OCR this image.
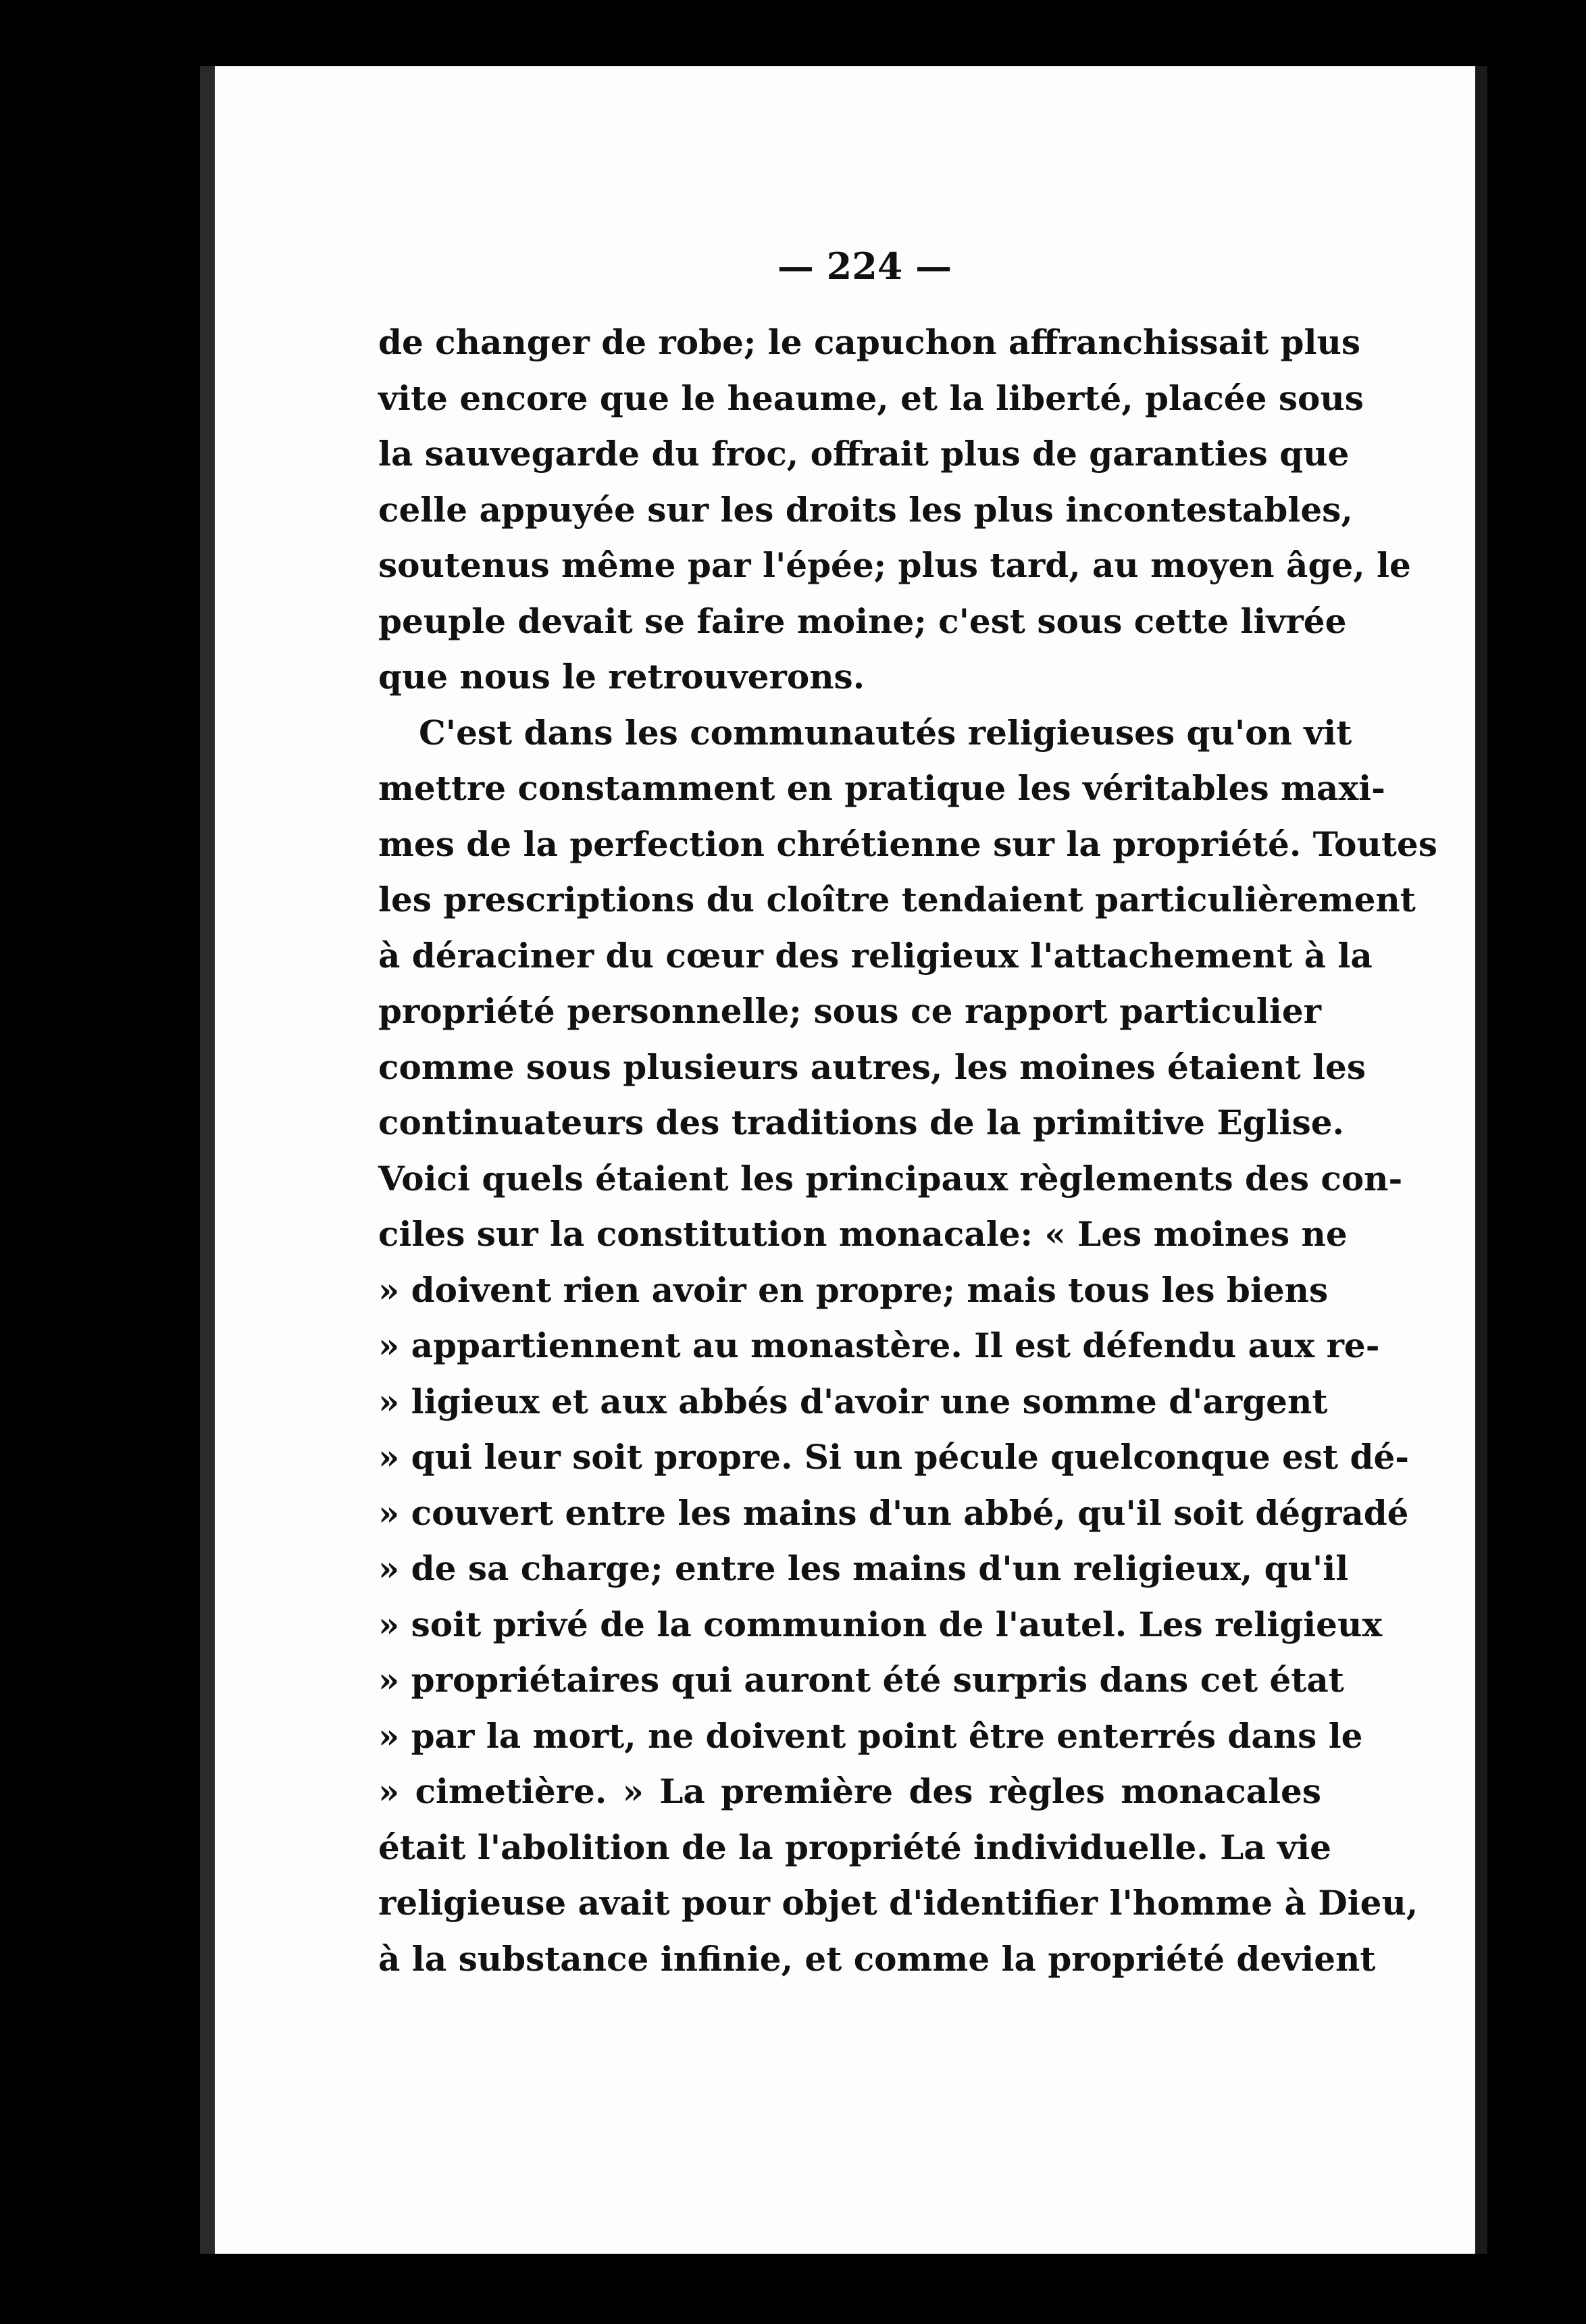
— 224 —
de changer de robe; le capuchon affranchissait plus
vite encore que le heaume, et la liberté, placée sous
la sauvegarde du froc, offrait plus de garanties que
celle appuyée sur les droits les plus incontestables,
soutenus même par l'épée; plus tard, au moyen âge, le
peuple devait se faire moine; c'est sous cette livrée
que nous le retrouverons.
C'est dans les communautés religieuses qu'on vit
mettre constamment en pratique les véritables maxi-
mes de la perfection chrétienne sur la propriété. Toutes
les prescriptions du cloître tendaient particulièrement
à déraciner du cœur des religieux l'attachement à la
propriété personnelle; sous ce rapport particulier
comme sous plusieurs autres, les moines étaient les
continuateurs des traditions de la primitive Eglise.
Voici quels étaient les principaux règlements des con-
ciles sur la constitution monacale: « Les moines ne
» doivent rien avoir en propre; mais tous les biens
» appartiennent au monastère. Il est défendu aux re-
» ligieux et aux abbés d'avoir une somme d'argent
» qui leur soit propre. Si un pécule quelconque est dé-
» couvert entre les mains d'un abbé, qu'il soit dégradé
» de sa charge; entre les mains d'un religieux, qu'il
» soit privé de la communion de l'autel. Les religieux
» propriétaires qui auront été surpris dans cet état
» par la mort, ne doivent point être enterrés dans le
» cimetière. » La première des règles monacales
était l'abolition de la propriété individuelle. La vie
religieuse avait pour objet d'identifier l'homme à Dieu,
à la substance infinie, et comme la propriété devient
